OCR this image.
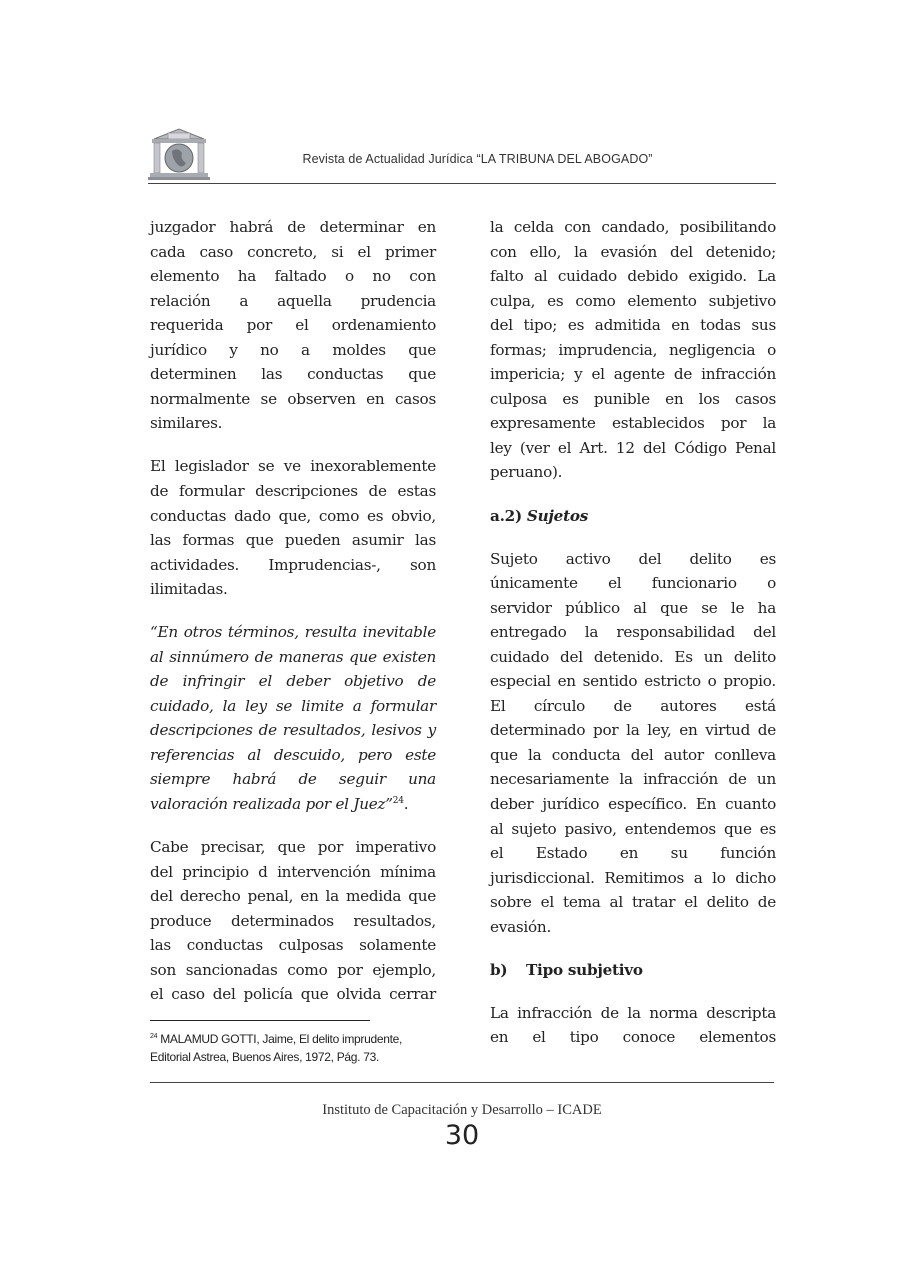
Revista de Actualidad Jurídica “LA TRIBUNA DEL ABOGADO”
juzgador habrá de determinar en
cada caso concreto, si el primer
elemento ha faltado o no con
relación a aquella prudencia
requerida por el ordenamiento
jurídico y no a moldes que
determinen las conductas que
normalmente se observen en casos
similares.
El legislador se ve inexorablemente
de formular descripciones de estas
conductas dado que, como es obvio,
las formas que pueden asumir las
actividades. Imprudencias-, son
ilimitadas.
“En otros términos, resulta inevitable
al sinnúmero de maneras que existen
de infringir el deber objetivo de
cuidado, la ley se limite a formular
descripciones de resultados, lesivos y
referencias al descuido, pero este
siempre habrá de seguir una
valoración realizada por el Juez”$^{24}$.
Cabe precisar, que por imperativo
del principio d intervención mínima
del derecho penal, en la medida que
produce determinados resultados,
las conductas culposas solamente
son sancionadas como por ejemplo,
el caso del policía que olvida cerrar
la celda con candado, posibilitando
con ello, la evasión del detenido;
falto al cuidado debido exigido. La
culpa, es como elemento subjetivo
del tipo; es admitida en todas sus
formas; imprudencia, negligencia o
impericia; y el agente de infracción
culposa es punible en los casos
expresamente establecidos por la
ley (ver el Art. 12 del Código Penal
peruano).
a.2) Sujetos
Sujeto activo del delito es
únicamente el funcionario o
servidor público al que se le ha
entregado la responsabilidad del
cuidado del detenido. Es un delito
especial en sentido estricto o propio.
El círculo de autores está
determinado por la ley, en virtud de
que la conducta del autor conlleva
necesariamente la infracción de un
deber jurídico específico. En cuanto
al sujeto pasivo, entendemos que es
el Estado en su función
jurisdiccional. Remitimos a lo dicho
sobre el tema al tratar el delito de
evasión.
b) Tipo subjetivo
La infracción de la norma descripta
en el tipo conoce elementos
$^{24}$ MALAMUD GOTTI, Jaime, El delito imprudente, Editorial Astrea, Buenos Aires, 1972, Pág. 73.
Instituto de Capacitación y Desarrollo – ICADE
30
